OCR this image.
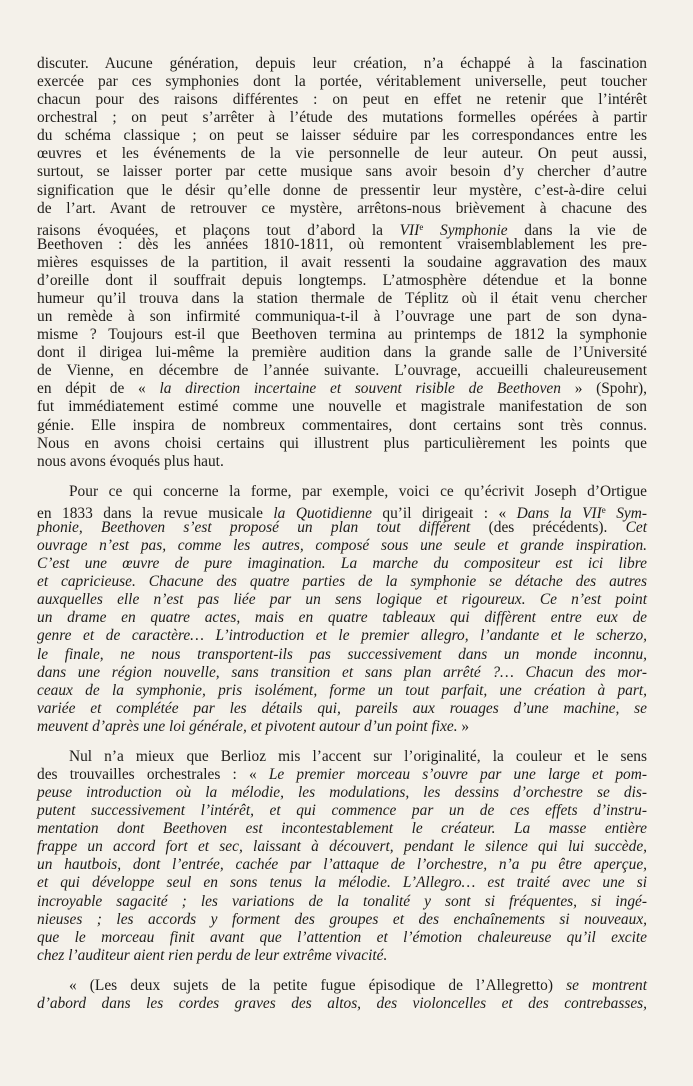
discuter. Aucune génération, depuis leur création, n’a échappé à la fascination
exercée par ces symphonies dont la portée, véritablement universelle, peut toucher
chacun pour des raisons différentes : on peut en effet ne retenir que l’intérêt
orchestral ; on peut s’arrêter à l’étude des mutations formelles opérées à partir
du schéma classique ; on peut se laisser séduire par les correspondances entre les
œuvres et les événements de la vie personnelle de leur auteur. On peut aussi,
surtout, se laisser porter par cette musique sans avoir besoin d’y chercher d’autre
signification que le désir qu’elle donne de pressentir leur mystère, c’est-à-dire celui
de l’art. Avant de retrouver ce mystère, arrêtons-nous brièvement à chacune des
raisons évoquées, et plaçons tout d’abord la VIIe Symphonie dans la vie de
Beethoven : dès les années 1810-1811, où remontent vraisemblablement les pre-
mières esquisses de la partition, il avait ressenti la soudaine aggravation des maux
d’oreille dont il souffrait depuis longtemps. L’atmosphère détendue et la bonne
humeur qu’il trouva dans la station thermale de Téplitz où il était venu chercher
un remède à son infirmité communiqua-t-il à l’ouvrage une part de son dyna-
misme ? Toujours est-il que Beethoven termina au printemps de 1812 la symphonie
dont il dirigea lui-même la première audition dans la grande salle de l’Université
de Vienne, en décembre de l’année suivante. L’ouvrage, accueilli chaleureusement
en dépit de « la direction incertaine et souvent risible de Beethoven » (Spohr),
fut immédiatement estimé comme une nouvelle et magistrale manifestation de son
génie. Elle inspira de nombreux commentaires, dont certains sont très connus.
Nous en avons choisi certains qui illustrent plus particulièrement les points que
nous avons évoqués plus haut.
Pour ce qui concerne la forme, par exemple, voici ce qu’écrivit Joseph d’Ortigue
en 1833 dans la revue musicale la Quotidienne qu’il dirigeait : « Dans la VIIe Sym-
phonie, Beethoven s’est proposé un plan tout différent (des précédents). Cet
ouvrage n’est pas, comme les autres, composé sous une seule et grande inspiration.
C’est une œuvre de pure imagination. La marche du compositeur est ici libre
et capricieuse. Chacune des quatre parties de la symphonie se détache des autres
auxquelles elle n’est pas liée par un sens logique et rigoureux. Ce n’est point
un drame en quatre actes, mais en quatre tableaux qui diffèrent entre eux de
genre et de caractère… L’introduction et le premier allegro, l’andante et le scherzo,
le finale, ne nous transportent-ils pas successivement dans un monde inconnu,
dans une région nouvelle, sans transition et sans plan arrêté ?… Chacun des mor-
ceaux de la symphonie, pris isolément, forme un tout parfait, une création à part,
variée et complétée par les détails qui, pareils aux rouages d’une machine, se
meuvent d’après une loi générale, et pivotent autour d’un point fixe. »
Nul n’a mieux que Berlioz mis l’accent sur l’originalité, la couleur et le sens
des trouvailles orchestrales : « Le premier morceau s’ouvre par une large et pom-
peuse introduction où la mélodie, les modulations, les dessins d’orchestre se dis-
putent successivement l’intérêt, et qui commence par un de ces effets d’instru-
mentation dont Beethoven est incontestablement le créateur. La masse entière
frappe un accord fort et sec, laissant à découvert, pendant le silence qui lui succède,
un hautbois, dont l’entrée, cachée par l’attaque de l’orchestre, n’a pu être aperçue,
et qui développe seul en sons tenus la mélodie. L’Allegro… est traité avec une si
incroyable sagacité ; les variations de la tonalité y sont si fréquentes, si ingé-
nieuses ; les accords y forment des groupes et des enchaînements si nouveaux,
que le morceau finit avant que l’attention et l’émotion chaleureuse qu’il excite
chez l’auditeur aient rien perdu de leur extrême vivacité.
« (Les deux sujets de la petite fugue épisodique de l’Allegretto) se montrent
d’abord dans les cordes graves des altos, des violoncelles et des contrebasses,
